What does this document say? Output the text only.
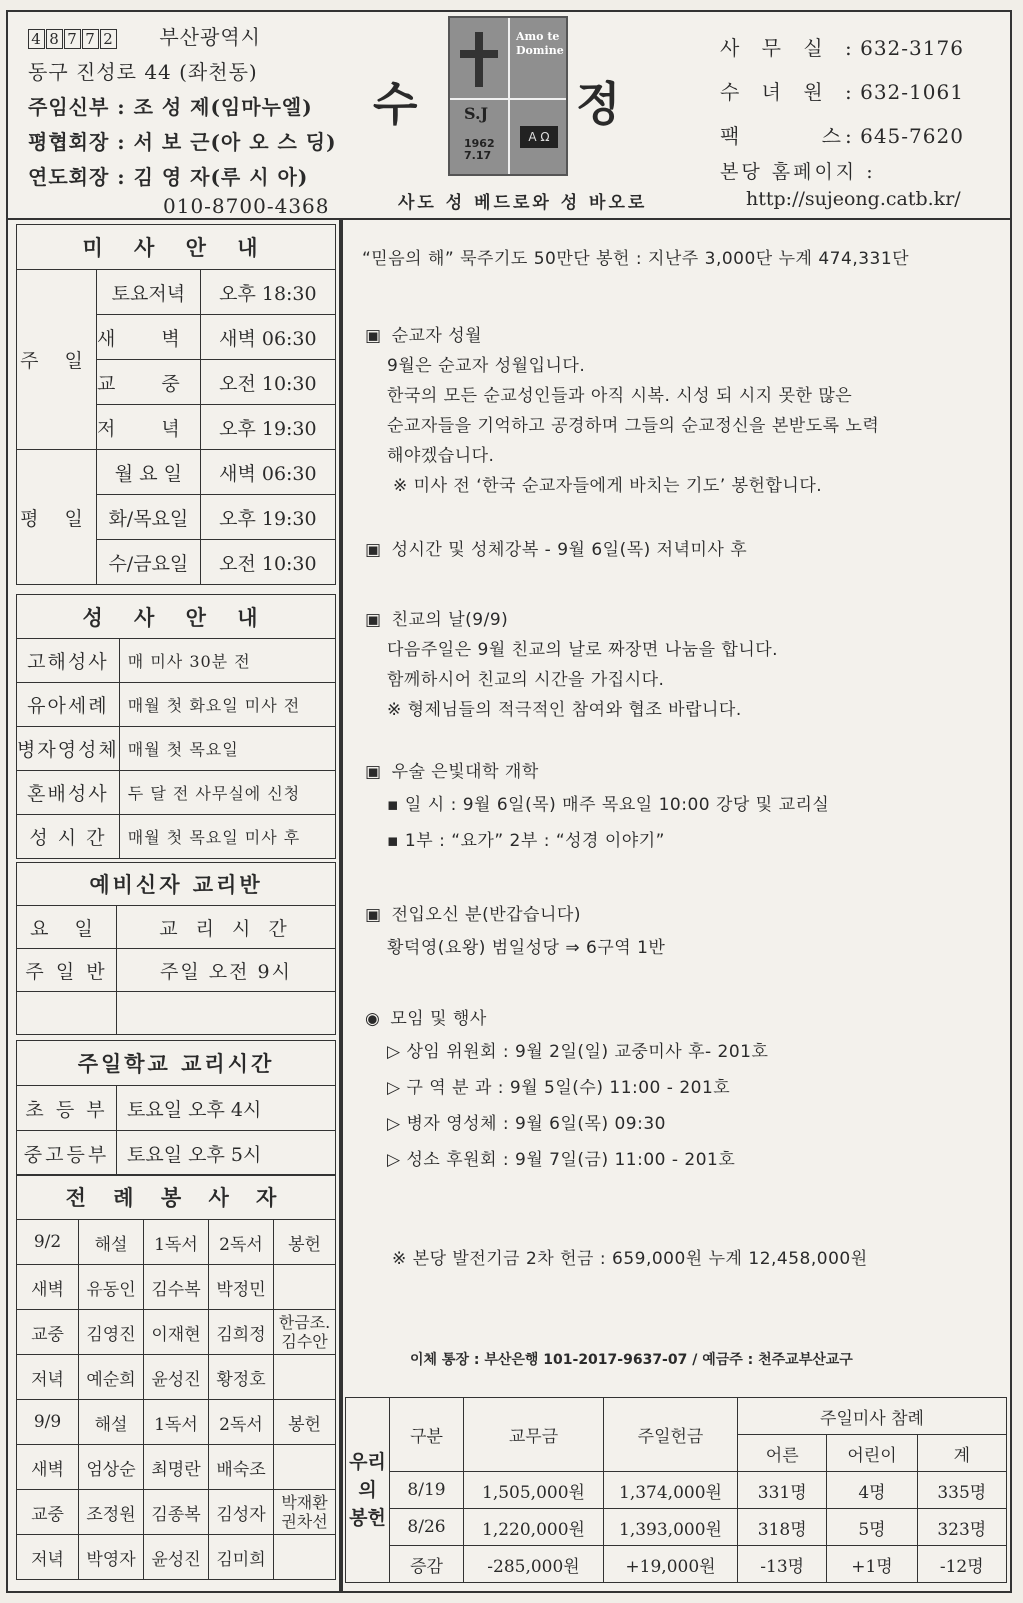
4 8 7 7 2 부산광역시
동구 진성로 44 (좌천동)
주임신부 : 조 성 제(임마누엘)
평협회장 : 서 보 근(아 오 스 딩)
연도회장 : 김 영 자(루 시 아)
010-8700-4368
수
Amo te Domine
S.J
1962 7.17
A Ω
정
사도 성 베드로와 성 바오로
사 무 실 : 632-3176
수 녀 원 : 632-1061
팩 스: 645-7620
본당 홈페이지 :
http://sujeong.catb.kr/
미 사 안 내		
주 일	토요저녁	오후 18:30
	새 벽	새벽 06:30
	교 중	오전 10:30
	저 녁	오후 19:30
평 일	월 요 일	새벽 06:30
	화/목요일	오후 19:30
	수/금요일	오전 10:30
성 사 안 내	
고해성사	매 미사 30분 전
유아세례	매월 첫 화요일 미사 전
병자영성체	매월 첫 목요일
혼배성사	두 달 전 사무실에 신청
성 시 간	매월 첫 목요일 미사 후
예비신자 교리반	
요 일	교 리 시 간
주 일 반	주일 오전 9시

주일학교 교리시간	
초 등 부	토요일 오후 4시
중고등부	토요일 오후 5시
전 례 봉 사 자				
9/2	해설	1독서	2독서	봉헌
새벽	유동인	김수복	박정민	
교중	김영진	이재현	김희정	한금조. 김수안
저녁	예순희	윤성진	황정호	
9/9	해설	1독서	2독서	봉헌
새벽	엄상순	최명란	배숙조	
교중	조정원	김종복	김성자	박재환 권차선
저녁	박영자	윤성진	김미희	
“믿음의 해” 묵주기도 50만단 봉헌 : 지난주 3,000단 누계 474,331단
▣ 순교자 성월
9월은 순교자 성월입니다.
한국의 모든 순교성인들과 아직 시복. 시성 되 시지 못한 많은
순교자들을 기억하고 공경하며 그들의 순교정신을 본받도록 노력
해야겠습니다.
※ 미사 전 ‘한국 순교자들에게 바치는 기도’ 봉헌합니다.
▣ 성시간 및 성체강복 - 9월 6일(목) 저녁미사 후
▣ 친교의 날(9/9)
다음주일은 9월 친교의 날로 짜장면 나눔을 합니다.
함께하시어 친교의 시간을 가집시다.
※ 형제님들의 적극적인 참여와 협조 바랍니다.
▣ 우술 은빛대학 개학
▪ 일 시 : 9월 6일(목) 매주 목요일 10:00 강당 및 교리실
▪ 1부 : “요가” 2부 : “성경 이야기”
▣ 전입오신 분(반갑습니다)
황덕영(요왕) 범일성당 ⇒ 6구역 1반
◉ 모임 및 행사
▷ 상임 위원회 : 9월 2일(일) 교중미사 후- 201호
▷ 구 역 분 과 : 9월 5일(수) 11:00 - 201호
▷ 병자 영성체 : 9월 6일(목) 09:30
▷ 성소 후원회 : 9월 7일(금) 11:00 - 201호
※ 본당 발전기금 2차 헌금 : 659,000원 누계 12,458,000원
이체 통장 : 부산은행 101-2017-9637-07 / 예금주 : 천주교부산교구
우리의 봉헌	구분	교무금	주일헌금	주일미사 참례		
				어른	어린이	계
	8/19	1,505,000원	1,374,000원	331명	4명	335명
	8/26	1,220,000원	1,393,000원	318명	5명	323명
	증감	-285,000원	+19,000원	-13명	+1명	-12명
